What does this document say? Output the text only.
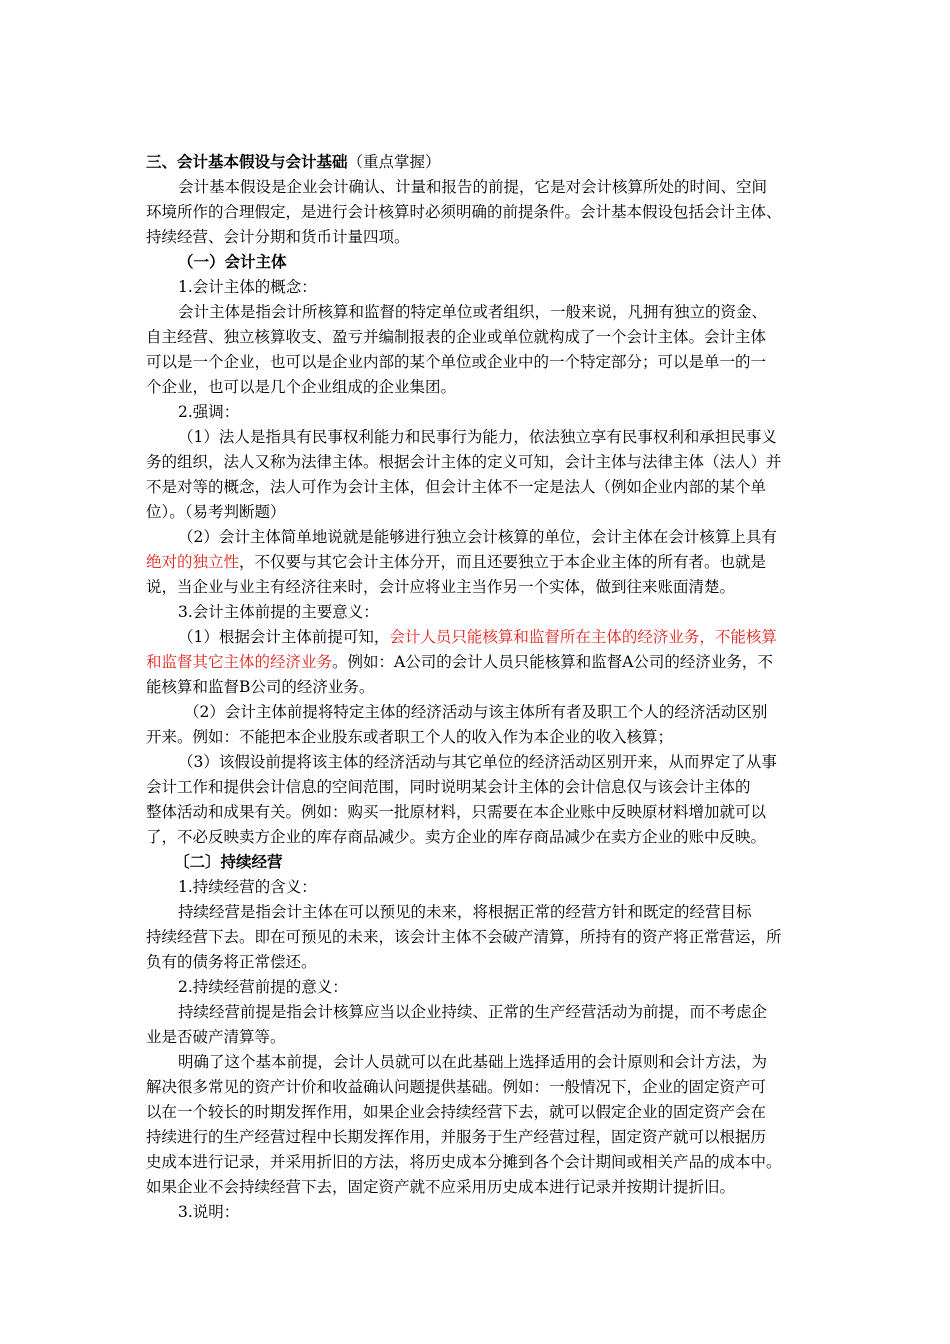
三、会计基本假设与会计基础（重点掌握）
会计基本假设是企业会计确认、计量和报告的前提，它是对会计核算所处的时间、空间
环境所作的合理假定，是进行会计核算时必须明确的前提条件。会计基本假设包括会计主体、
持续经营、会计分期和货币计量四项。
（一）会计主体
1.会计主体的概念：
会计主体是指会计所核算和监督的特定单位或者组织，一般来说，凡拥有独立的资金、
自主经营、独立核算收支、盈亏并编制报表的企业或单位就构成了一个会计主体。会计主体
可以是一个企业，也可以是企业内部的某个单位或企业中的一个特定部分；可以是单一的一
个企业，也可以是几个企业组成的企业集团。
2.强调：
（1）法人是指具有民事权利能力和民事行为能力，依法独立享有民事权利和承担民事义
务的组织，法人又称为法律主体。根据会计主体的定义可知，会计主体与法律主体（法人）并
不是对等的概念，法人可作为会计主体，但会计主体不一定是法人（例如企业内部的某个单
位）。（易考判断题）
（2）会计主体简单地说就是能够进行独立会计核算的单位，会计主体在会计核算上具有
绝对的独立性，不仅要与其它会计主体分开，而且还要独立于本企业主体的所有者。也就是
说，当企业与业主有经济往来时，会计应将业主当作另一个实体，做到往来账面清楚。
3.会计主体前提的主要意义：
（1）根据会计主体前提可知，会计人员只能核算和监督所在主体的经济业务，不能核算
和监督其它主体的经济业务。例如：A公司的会计人员只能核算和监督A公司的经济业务，不
能核算和监督B公司的经济业务。
（2）会计主体前提将特定主体的经济活动与该主体所有者及职工个人的经济活动区别
开来。例如：不能把本企业股东或者职工个人的收入作为本企业的收入核算；
（3）该假设前提将该主体的经济活动与其它单位的经济活动区别开来，从而界定了从事
会计工作和提供会计信息的空间范围，同时说明某会计主体的会计信息仅与该会计主体的
整体活动和成果有关。例如：购买一批原材料，只需要在本企业账中反映原材料增加就可以
了，不必反映卖方企业的库存商品减少。卖方企业的库存商品减少在卖方企业的账中反映。
〔二〕持续经营
1.持续经营的含义：
持续经营是指会计主体在可以预见的未来，将根据正常的经营方针和既定的经营目标
持续经营下去。即在可预见的未来，该会计主体不会破产清算，所持有的资产将正常营运，所
负有的债务将正常偿还。
2.持续经营前提的意义：
持续经营前提是指会计核算应当以企业持续、正常的生产经营活动为前提，而不考虑企
业是否破产清算等。
明确了这个基本前提，会计人员就可以在此基础上选择适用的会计原则和会计方法，为
解决很多常见的资产计价和收益确认问题提供基础。例如：一般情况下，企业的固定资产可
以在一个较长的时期发挥作用，如果企业会持续经营下去，就可以假定企业的固定资产会在
持续进行的生产经营过程中长期发挥作用，并服务于生产经营过程，固定资产就可以根据历
史成本进行记录，并采用折旧的方法，将历史成本分摊到各个会计期间或相关产品的成本中。
如果企业不会持续经营下去，固定资产就不应采用历史成本进行记录并按期计提折旧。
3.说明：
